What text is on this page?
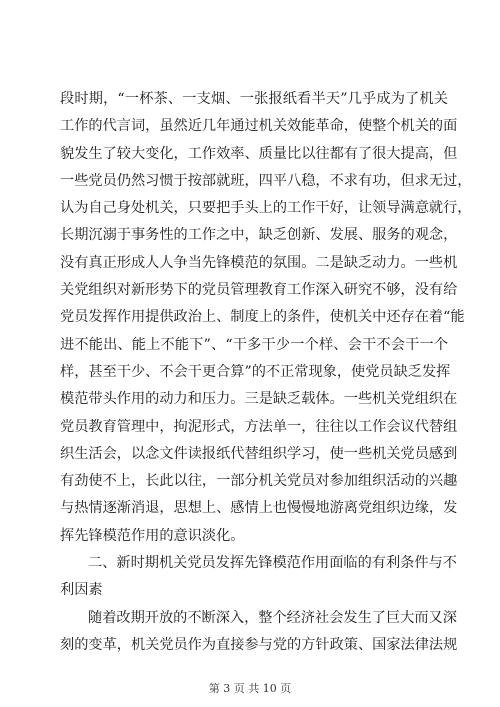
段时期，“一杯茶、一支烟、一张报纸看半天”几乎成为了机关
工作的代言词，虽然近几年通过机关效能革命，使整个机关的面
貌发生了较大变化，工作效率、质量比以往都有了很大提高，但
一些党员仍然习惯于按部就班，四平八稳，不求有功，但求无过，
认为自己身处机关，只要把手头上的工作干好，让领导满意就行，
长期沉溺于事务性的工作之中，缺乏创新、发展、服务的观念，
没有真正形成人人争当先锋模范的氛围。二是缺乏动力。一些机
关党组织对新形势下的党员管理教育工作深入研究不够，没有给
党员发挥作用提供政治上、制度上的条件，使机关中还存在着“能
进不能出、能上不能下”、“干多干少一个样、会干不会干一个
样，甚至干少、不会干更合算”的不正常现象，使党员缺乏发挥
模范带头作用的动力和压力。三是缺乏载体。一些机关党组织在
党员教育管理中，拘泥形式，方法单一，往往以工作会议代替组
织生活会，以念文件读报纸代替组织学习，使一些机关党员感到
有劲使不上，长此以往，一部分机关党员对参加组织活动的兴趣
与热情逐渐消退，思想上、感情上也慢慢地游离党组织边缘，发
挥先锋模范作用的意识淡化。
二、新时期机关党员发挥先锋模范作用面临的有利条件与不
利因素
随着改期开放的不断深入，整个经济社会发生了巨大而又深
刻的变革，机关党员作为直接参与党的方针政策、国家法律法规
第 3 页 共 10 页
